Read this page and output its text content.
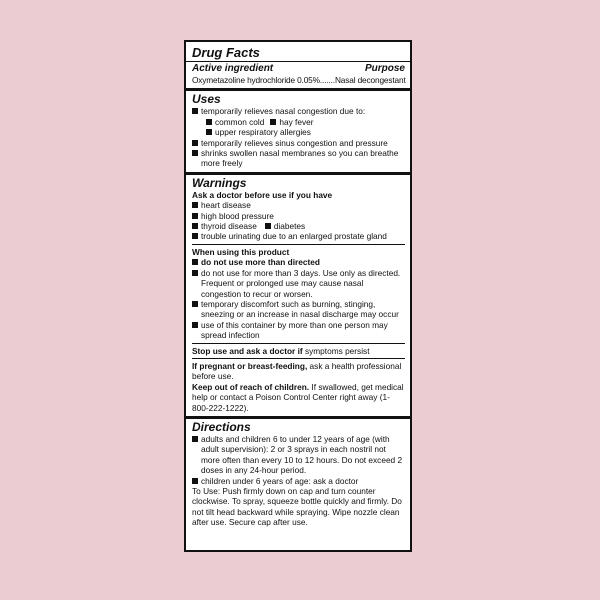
Drug Facts
Active ingredient	Purpose
Oxymetazoline hydrochloride 0.05%.......Nasal decongestant
Uses
temporarily relieves nasal congestion due to:
common cold hay fever
upper respiratory allergies
temporarily relieves sinus congestion and pressure
shrinks swollen nasal membranes so you can breathe more freely
Warnings
Ask a doctor before use if you have
heart disease
high blood pressure
thyroid disease diabetes
trouble urinating due to an enlarged prostate gland
When using this product
do not use more than directed
do not use for more than 3 days. Use only as directed. Frequent or prolonged use may cause nasal congestion to recur or worsen.
temporary discomfort such as burning, stinging, sneezing or an increase in nasal discharge may occur
use of this container by more than one person may spread infection
Stop use and ask a doctor if symptoms persist
If pregnant or breast-feeding, ask a health professional before use.
Keep out of reach of children. If swallowed, get medical help or contact a Poison Control Center right away (1-800-222-1222).
Directions
adults and children 6 to under 12 years of age (with adult supervision): 2 or 3 sprays in each nostril not more often than every 10 to 12 hours. Do not exceed 2 doses in any 24-hour period.
children under 6 years of age: ask a doctor
To Use: Push firmly down on cap and turn counter clockwise. To spray, squeeze bottle quickly and firmly. Do not tilt head backward while spraying. Wipe nozzle clean after use. Secure cap after use.
